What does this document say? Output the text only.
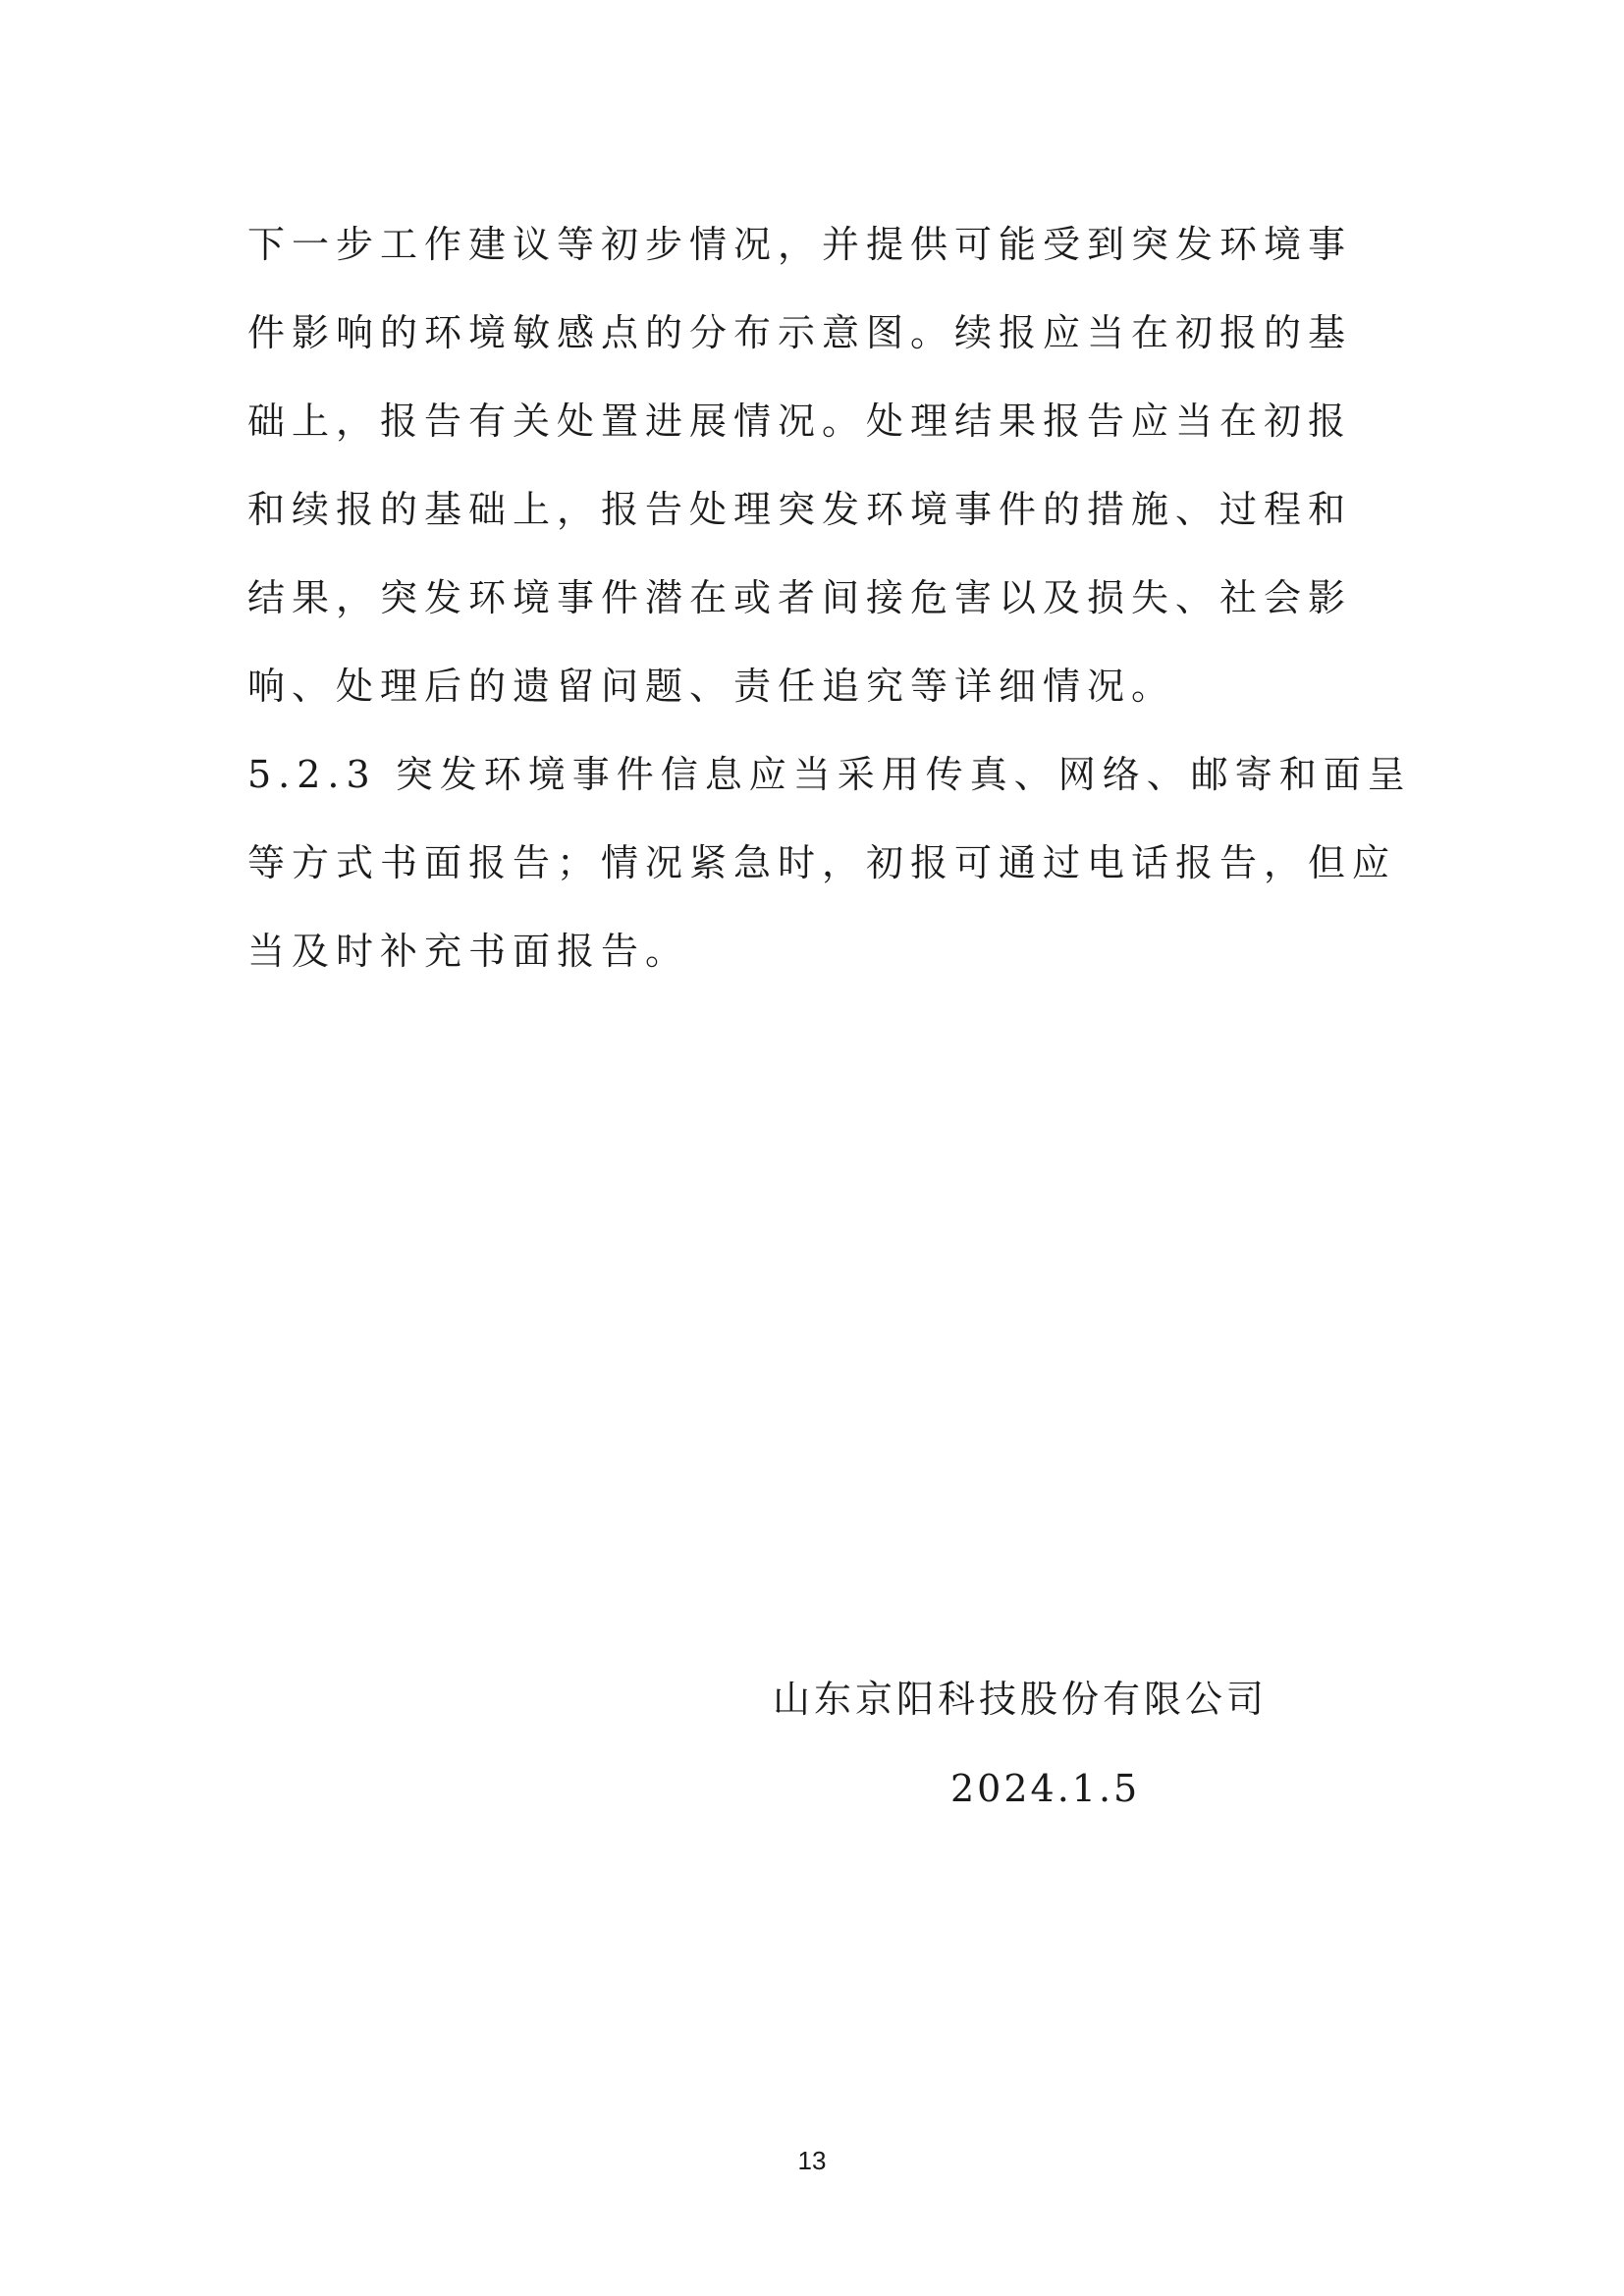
下一步工作建议等初步情况，并提供可能受到突发环境事
件影响的环境敏感点的分布示意图。续报应当在初报的基
础上，报告有关处置进展情况。处理结果报告应当在初报
和续报的基础上，报告处理突发环境事件的措施、过程和
结果，突发环境事件潜在或者间接危害以及损失、社会影
响、处理后的遗留问题、责任追究等详细情况。
5.2.3 突发环境事件信息应当采用传真、网络、邮寄和面呈
等方式书面报告；情况紧急时，初报可通过电话报告，但应
当及时补充书面报告。
山东京阳科技股份有限公司
2024.1.5
13
